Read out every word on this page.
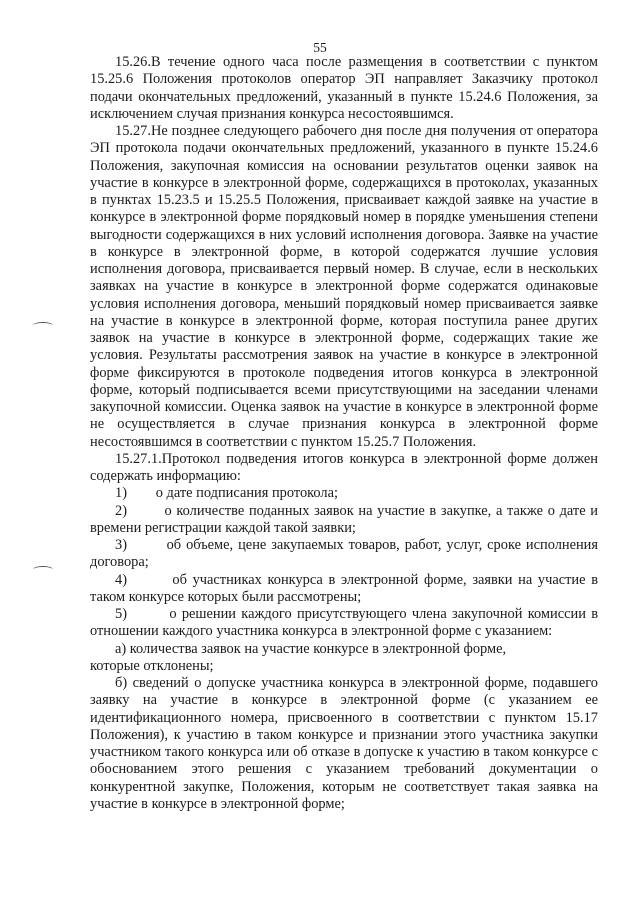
55

15.26.В течение одного часа после размещения в соответствии с пунктом 15.25.6 Положения протоколов оператор ЭП направляет Заказчику протокол подачи окончательных предложений, указанный в пункте 15.24.6 Положения, за исключением случая признания конкурса несостоявшимся.

15.27.Не позднее следующего рабочего дня после дня получения от оператора ЭП протокола подачи окончательных предложений, указанного в пункте 15.24.6 Положения, закупочная комиссия на основании результатов оценки заявок на участие в конкурсе в электронной форме, содержащихся в протоколах, указанных в пунктах 15.23.5 и 15.25.5 Положения, присваивает каждой заявке на участие в конкурсе в электронной форме порядковый номер в порядке уменьшения степени выгодности содержащихся в них условий исполнения договора. Заявке на участие в конкурсе в электронной форме, в которой содержатся лучшие условия исполнения договора, присваивается первый номер. В случае, если в нескольких заявках на участие в конкурсе в электронной форме содержатся одинаковые условия исполнения договора, меньший порядковый номер присваивается заявке на участие в конкурсе в электронной форме, которая поступила ранее других заявок на участие в конкурсе в электронной форме, содержащих такие же условия. Результаты рассмотрения заявок на участие в конкурсе в электронной форме фиксируются в протоколе подведения итогов конкурса в электронной форме, который подписывается всеми присутствующими на заседании членами закупочной комиссии. Оценка заявок на участие в конкурсе в электронной форме не осуществляется в случае признания конкурса в электронной форме несостоявшимся в соответствии с пунктом 15.25.7 Положения.

15.27.1.Протокол подведения итогов конкурса в электронной форме должен содержать информацию:

1)        о дате подписания протокола;

2)        о количестве поданных заявок на участие в закупке, а также о дате и времени регистрации каждой такой заявки;

3)        об объеме, цене закупаемых товаров, работ, услуг, сроке исполнения договора;

4)        об участниках конкурса в электронной форме, заявки на участие в таком конкурсе которых были рассмотрены;

5)        о решении каждого присутствующего члена закупочной комиссии в отношении каждого участника конкурса в электронной форме с указанием:

а) количества заявок на участие конкурсе в электронной форме,

которые отклонены;

б) сведений о допуске участника конкурса в электронной форме, подавшего заявку на участие в конкурсе в электронной форме (с указанием ее идентификационного номера, присвоенного в соответствии с пунктом 15.17 Положения), к участию в таком конкурсе и признании этого участника закупки участником такого конкурса или об отказе в допуске к участию в таком конкурсе с обоснованием этого решения с указанием требований документации о конкурентной закупке, Положения, которым не соответствует такая заявка на участие в конкурсе в электронной форме;
